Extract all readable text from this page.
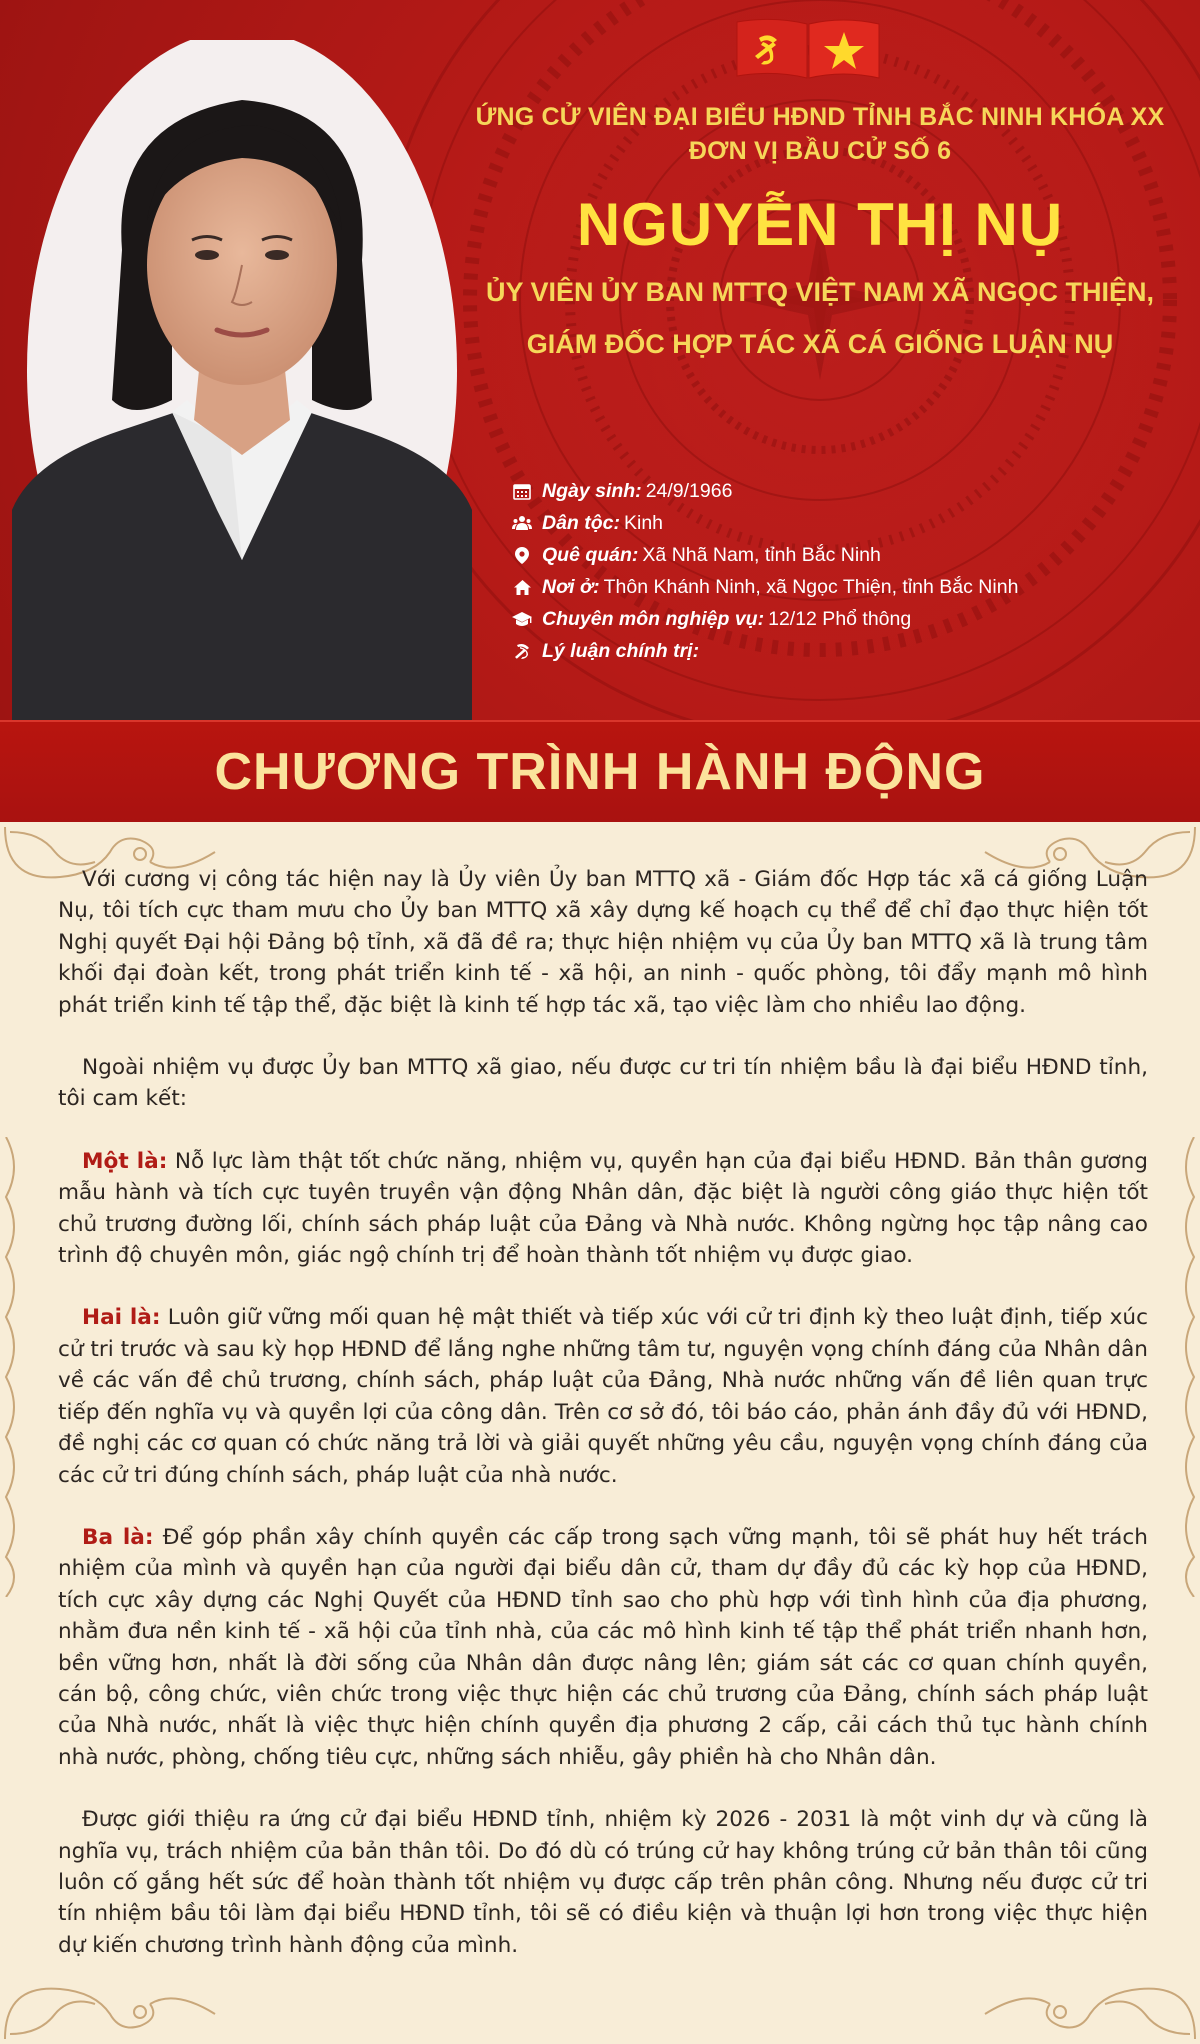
ỨNG CỬ VIÊN ĐẠI BIỂU HĐND TỈNH BẮC NINH KHÓA XX
ĐƠN VỊ BẦU CỬ SỐ 6
NGUYỄN THỊ NỤ
ỦY VIÊN ỦY BAN MTTQ VIỆT NAM XÃ NGỌC THIỆN,
GIÁM ĐỐC HỢP TÁC XÃ CÁ GIỐNG LUẬN NỤ
Ngày sinh: 24/9/1966
Dân tộc: Kinh
Quê quán: Xã Nhã Nam, tỉnh Bắc Ninh
Nơi ở: Thôn Khánh Ninh, xã Ngọc Thiện, tỉnh Bắc Ninh
Chuyên môn nghiệp vụ: 12/12 Phổ thông
Lý luận chính trị:
CHƯƠNG TRÌNH HÀNH ĐỘNG

Với cương vị công tác hiện nay là Ủy viên Ủy ban MTTQ xã - Giám đốc Hợp tác xã cá giống Luận Nụ, tôi tích cực tham mưu cho Ủy ban MTTQ xã xây dựng kế hoạch cụ thể để chỉ đạo thực hiện tốt Nghị quyết Đại hội Đảng bộ tỉnh, xã đã đề ra; thực hiện nhiệm vụ của Ủy ban MTTQ xã là trung tâm khối đại đoàn kết, trong phát triển kinh tế - xã hội, an ninh - quốc phòng, tôi đẩy mạnh mô hình phát triển kinh tế tập thể, đặc biệt là kinh tế hợp tác xã, tạo việc làm cho nhiều lao động.

Ngoài nhiệm vụ được Ủy ban MTTQ xã giao, nếu được cư tri tín nhiệm bầu là đại biểu HĐND tỉnh, tôi cam kết:

Một là: Nỗ lực làm thật tốt chức năng, nhiệm vụ, quyền hạn của đại biểu HĐND. Bản thân gương mẫu hành và tích cực tuyên truyền vận động Nhân dân, đặc biệt là người công giáo thực hiện tốt chủ trương đường lối, chính sách pháp luật của Đảng và Nhà nước. Không ngừng học tập nâng cao trình độ chuyên môn, giác ngộ chính trị để hoàn thành tốt nhiệm vụ được giao.

Hai là: Luôn giữ vững mối quan hệ mật thiết và tiếp xúc với cử tri định kỳ theo luật định, tiếp xúc cử tri trước và sau kỳ họp HĐND để lắng nghe những tâm tư, nguyện vọng chính đáng của Nhân dân về các vấn đề chủ trương, chính sách, pháp luật của Đảng, Nhà nước những vấn đề liên quan trực tiếp đến nghĩa vụ và quyền lợi của công dân. Trên cơ sở đó, tôi báo cáo, phản ánh đầy đủ với HĐND, đề nghị các cơ quan có chức năng trả lời và giải quyết những yêu cầu, nguyện vọng chính đáng của các cử tri đúng chính sách, pháp luật của nhà nước.

Ba là: Để góp phần xây chính quyền các cấp trong sạch vững mạnh, tôi sẽ phát huy hết trách nhiệm của mình và quyền hạn của người đại biểu dân cử, tham dự đầy đủ các kỳ họp của HĐND, tích cực xây dựng các Nghị Quyết của HĐND tỉnh sao cho phù hợp với tình hình của địa phương, nhằm đưa nền kinh tế - xã hội của tỉnh nhà, của các mô hình kinh tế tập thể phát triển nhanh hơn, bền vững hơn, nhất là đời sống của Nhân dân được nâng lên; giám sát các cơ quan chính quyền, cán bộ, công chức, viên chức trong việc thực hiện các chủ trương của Đảng, chính sách pháp luật của Nhà nước, nhất là việc thực hiện chính quyền địa phương 2 cấp, cải cách thủ tục hành chính nhà nước, phòng, chống tiêu cực, những sách nhiễu, gây phiền hà cho Nhân dân.

Được giới thiệu ra ứng cử đại biểu HĐND tỉnh, nhiệm kỳ 2026 - 2031 là một vinh dự và cũng là nghĩa vụ, trách nhiệm của bản thân tôi. Do đó dù có trúng cử hay không trúng cử bản thân tôi cũng luôn cố gắng hết sức để hoàn thành tốt nhiệm vụ được cấp trên phân công. Nhưng nếu được cử tri tín nhiệm bầu tôi làm đại biểu HĐND tỉnh, tôi sẽ có điều kiện và thuận lợi hơn trong việc thực hiện dự kiến chương trình hành động của mình.
